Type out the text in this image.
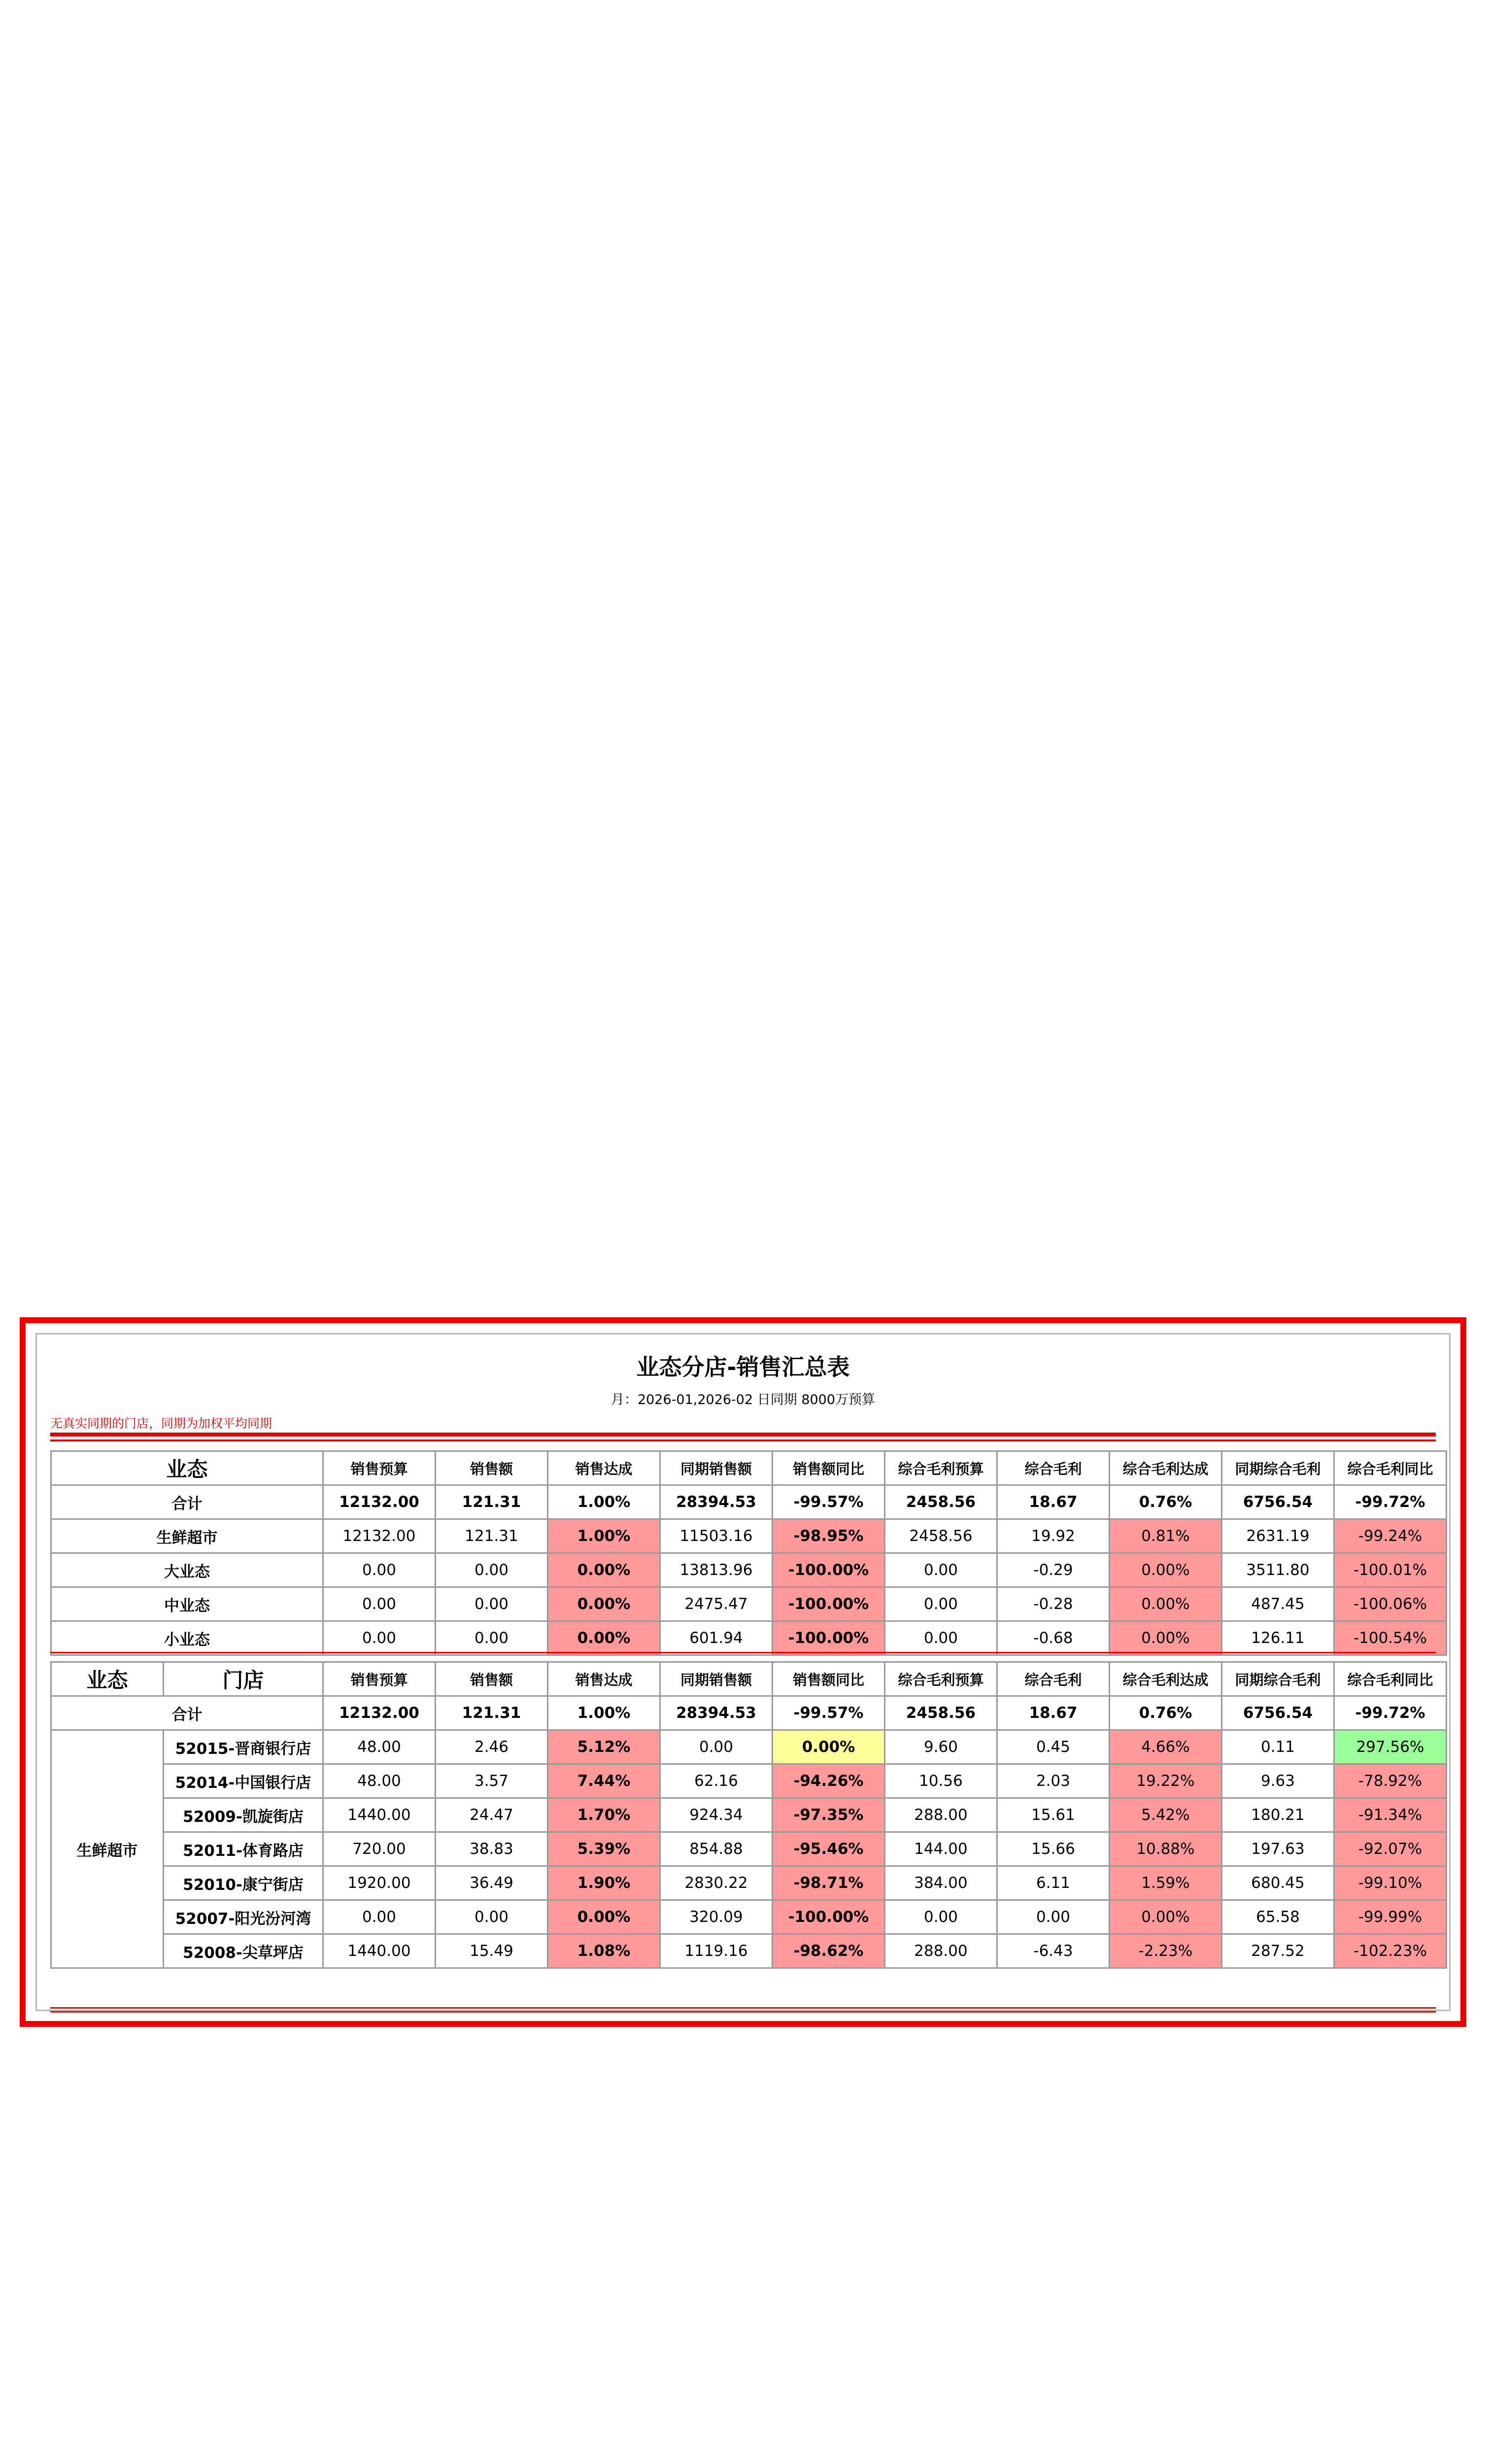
业态分店-销售汇总表
月：2026-01,2026-02 日同期 8000万预算
无真实同期的门店，同期为加权平均同期
业态	销售预算	销售额	销售达成	同期销售额	销售额同比	综合毛利预算	综合毛利	综合毛利达成	同期综合毛利	综合毛利同比
合计	12132.00	121.31	1.00%	28394.53	-99.57%	2458.56	18.67	0.76%	6756.54	-99.72%
生鲜超市	12132.00	121.31	1.00%	11503.16	-98.95%	2458.56	19.92	0.81%	2631.19	-99.24%
大业态	0.00	0.00	0.00%	13813.96	-100.00%	0.00	-0.29	0.00%	3511.80	-100.01%
中业态	0.00	0.00	0.00%	2475.47	-100.00%	0.00	-0.28	0.00%	487.45	-100.06%
小业态	0.00	0.00	0.00%	601.94	-100.00%	0.00	-0.68	0.00%	126.11	-100.54%
业态	门店	销售预算	销售额	销售达成	同期销售额	销售额同比	综合毛利预算	综合毛利	综合毛利达成	同期综合毛利	综合毛利同比
合计		12132.00	121.31	1.00%	28394.53	-99.57%	2458.56	18.67	0.76%	6756.54	-99.72%
生鲜超市	52015-晋商银行店	48.00	2.46	5.12%	0.00	0.00%	9.60	0.45	4.66%	0.11	297.56%
	52014-中国银行店	48.00	3.57	7.44%	62.16	-94.26%	10.56	2.03	19.22%	9.63	-78.92%
	52009-凯旋街店	1440.00	24.47	1.70%	924.34	-97.35%	288.00	15.61	5.42%	180.21	-91.34%
	52011-体育路店	720.00	38.83	5.39%	854.88	-95.46%	144.00	15.66	10.88%	197.63	-92.07%
	52010-康宁街店	1920.00	36.49	1.90%	2830.22	-98.71%	384.00	6.11	1.59%	680.45	-99.10%
	52007-阳光汾河湾	0.00	0.00	0.00%	320.09	-100.00%	0.00	0.00	0.00%	65.58	-99.99%
	52008-尖草坪店	1440.00	15.49	1.08%	1119.16	-98.62%	288.00	-6.43	-2.23%	287.52	-102.23%
